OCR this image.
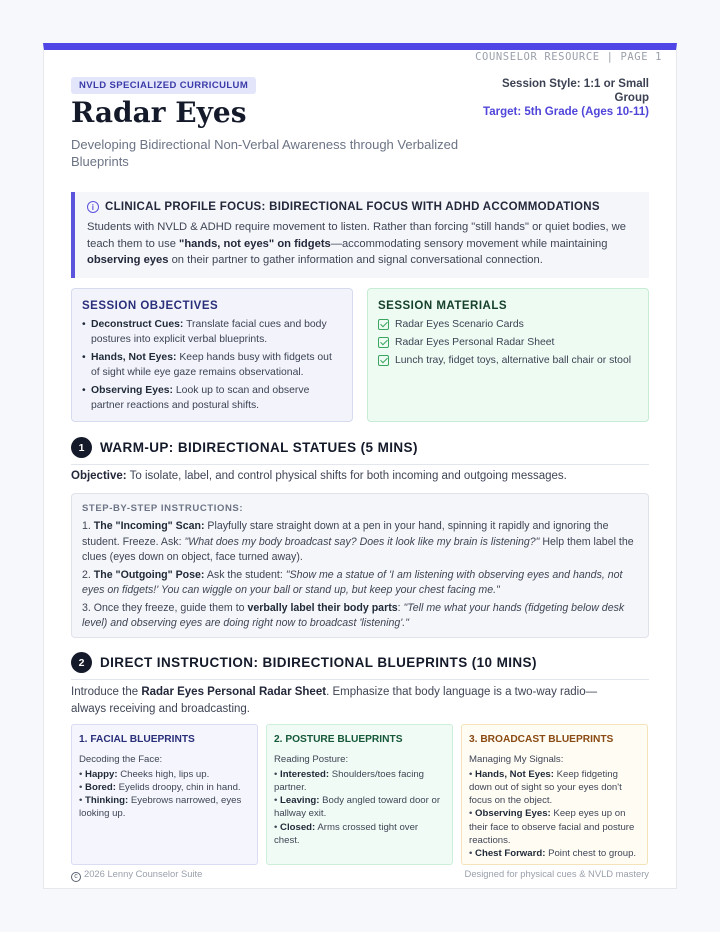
COUNSELOR RESOURCE | PAGE 1
NVLD SPECIALIZED CURRICULUM
Radar Eyes
Developing Bidirectional Non-Verbal Awareness through Verbalized Blueprints
Session Style: 1:1 or Small Group
Target: 5th Grade (Ages 10-11)
i CLINICAL PROFILE FOCUS: BIDIRECTIONAL FOCUS WITH ADHD ACCOMMODATIONS

Students with NVLD & ADHD require movement to listen. Rather than forcing "still hands" or quiet bodies, we teach them to use "hands, not eyes" on fidgets—accommodating sensory movement while maintaining observing eyes on their partner to gather information and signal conversational connection.

SESSION OBJECTIVES
• Deconstruct Cues: Translate facial cues and body postures into explicit verbal blueprints.
• Hands, Not Eyes: Keep hands busy with fidgets out of sight while eye gaze remains observational.
• Observing Eyes: Look up to scan and observe partner reactions and postural shifts.
SESSION MATERIALS
Radar Eyes Scenario Cards
Radar Eyes Personal Radar Sheet
Lunch tray, fidget toys, alternative ball chair or stool
1	WARM-UP: BIDIRECTIONAL STATUES (5 MINS)
Objective: To isolate, label, and control physical shifts for both incoming and outgoing messages.
STEP-BY-STEP INSTRUCTIONS:

1. The "Incoming" Scan: Playfully stare straight down at a pen in your hand, spinning it rapidly and ignoring the student. Freeze. Ask: "What does my body broadcast say? Does it look like my brain is listening?" Help them label the clues (eyes down on object, face turned away).

2. The "Outgoing" Pose: Ask the student: "Show me a statue of 'I am listening with observing eyes and hands, not eyes on fidgets!' You can wiggle on your ball or stand up, but keep your chest facing me."

3. Once they freeze, guide them to verbally label their body parts: "Tell me what your hands (fidgeting below desk level) and observing eyes are doing right now to broadcast 'listening'."

2	DIRECT INSTRUCTION: BIDIRECTIONAL BLUEPRINTS (10 MINS)
Introduce the Radar Eyes Personal Radar Sheet. Emphasize that body language is a two-way radio—always receiving and broadcasting.
1. FACIAL BLUEPRINTS
Decoding the Face:
• Happy: Cheeks high, lips up.
• Bored: Eyelids droopy, chin in hand.
• Thinking: Eyebrows narrowed, eyes looking up.
2. POSTURE BLUEPRINTS
Reading Posture:
• Interested: Shoulders/toes facing partner.
• Leaving: Body angled toward door or hallway exit.
• Closed: Arms crossed tight over chest.
3. BROADCAST BLUEPRINTS
Managing My Signals:
• Hands, Not Eyes: Keep fidgeting down out of sight so your eyes don't focus on the object.
• Observing Eyes: Keep eyes up on their face to observe facial and posture reactions.
• Chest Forward: Point chest to group.
c 2026 Lenny Counselor Suite	Designed for physical cues & NVLD mastery
